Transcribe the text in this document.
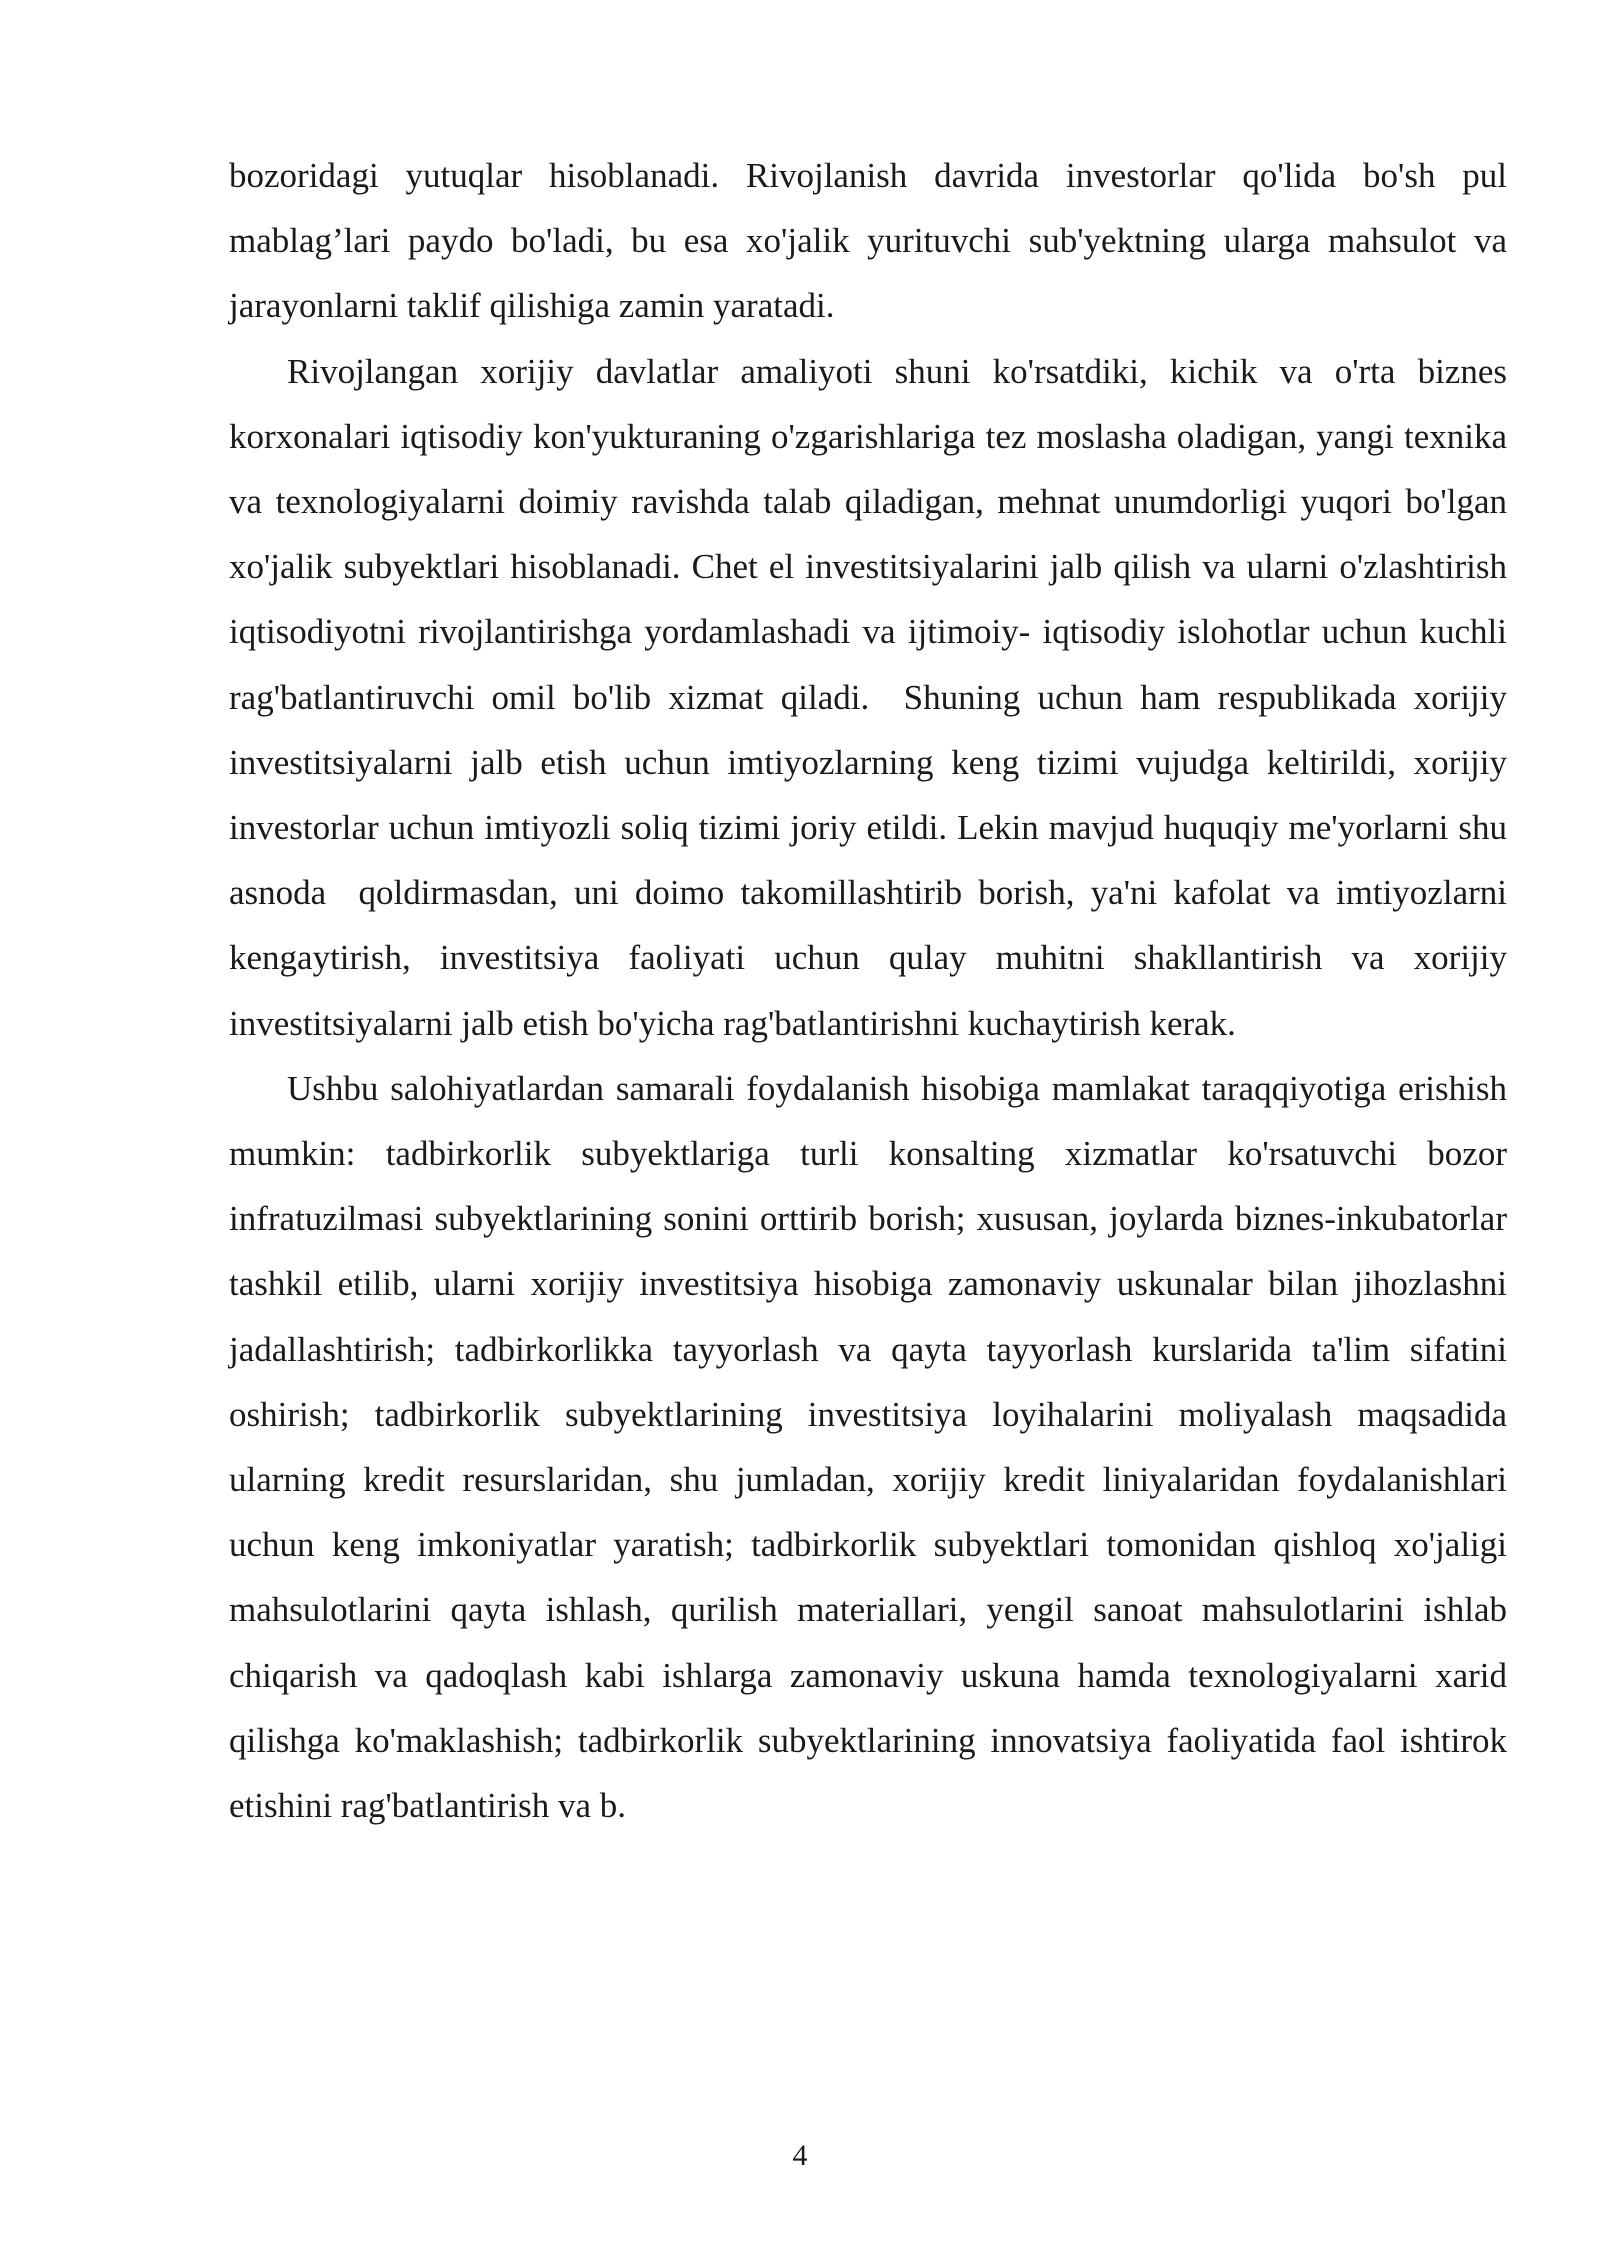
bozoridagi yutuqlar hisoblanadi. Rivojlanish davrida investorlar qo'lida bo'sh pul mablag’lari paydo bo'ladi, bu esa xo'jalik yurituvchi sub'yektning ularga mahsulot va jarayonlarni taklif qilishiga zamin yaratadi.

Rivojlangan xorijiy davlatlar amaliyoti shuni ko'rsatdiki, kichik va o'rta biznes korxonalari iqtisodiy kon'yukturaning o'zgarishlariga tez moslasha oladigan, yangi texnika va texnologiyalarni doimiy ravishda talab qiladigan, mehnat unumdorligi yuqori bo'lgan xo'jalik subyektlari hisoblanadi. Chet el investitsiyalarini jalb qilish va ularni o'zlashtirish iqtisodiyotni rivojlantirishga yordamlashadi va ijtimoiy- iqtisodiy islohotlar uchun kuchli rag'batlantiruvchi omil bo'lib xizmat qiladi.  Shuning uchun ham respublikada xorijiy investitsiyalarni jalb etish uchun imtiyozlarning keng tizimi vujudga keltirildi, xorijiy investorlar uchun imtiyozli soliq tizimi joriy etildi. Lekin mavjud huquqiy me'yorlarni shu asnoda  qoldirmasdan, uni doimo takomillashtirib borish, ya'ni kafolat va imtiyozlarni kengaytirish, investitsiya faoliyati uchun qulay muhitni shakllantirish va xorijiy investitsiyalarni jalb etish bo'yicha rag'batlantirishni kuchaytirish kerak.

Ushbu salohiyatlardan samarali foydalanish hisobiga mamlakat taraqqiyotiga erishish mumkin: tadbirkorlik subyektlariga turli konsalting xizmatlar ko'rsatuvchi bozor infratuzilmasi subyektlarining sonini orttirib borish; xususan, joylarda biznes-inkubatorlar tashkil etilib, ularni xorijiy investitsiya hisobiga zamonaviy uskunalar bilan jihozlashni jadallashtirish; tadbirkorlikka tayyorlash va qayta tayyorlash kurslarida ta'lim sifatini oshirish; tadbirkorlik subyektlarining investitsiya loyihalarini moliyalash maqsadida ularning kredit resurslaridan, shu jumladan, xorijiy kredit liniyalaridan foydalanishlari uchun keng imkoniyatlar yaratish; tadbirkorlik subyektlari tomonidan qishloq xo'jaligi mahsulotlarini qayta ishlash, qurilish materiallari, yengil sanoat mahsulotlarini ishlab chiqarish va qadoqlash kabi ishlarga zamonaviy uskuna hamda texnologiyalarni xarid qilishga ko'maklashish; tadbirkorlik subyektlarining innovatsiya faoliyatida faol ishtirok etishini rag'batlantirish va b.

4
